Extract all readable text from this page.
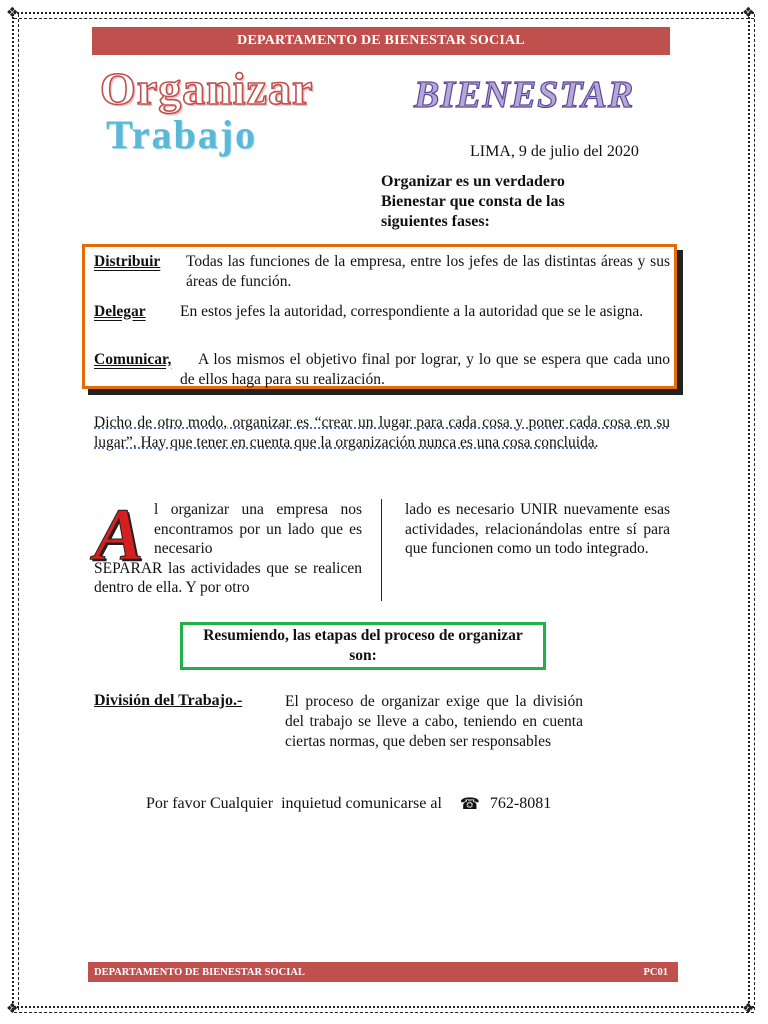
❖	❖
❖	❖
DEPARTAMENTO DE BIENESTAR SOCIAL
Organizar
Trabajo
BIENESTAR
LIMA, 9 de julio del 2020
Organizar es un verdadero Bienestar que consta de las siguientes fases:
Distribuir	Todas las funciones de la empresa, entre los jefes de las distintas áreas y sus áreas de función.
Delegar	En estos jefes la autoridad, correspondiente a la autoridad que se le asigna.
Comunicar,	A los mismos el objetivo final por lograr, y lo que se espera que cada uno de ellos haga para su realización.
Dicho de otro modo, organizar es “crear un lugar para cada cosa y poner cada cosa en su lugar”. Hay que tener en cuenta que la organización nunca es una cosa concluida.
A l organizar una empresa nos encontramos por un lado que es necesario
SEPARAR las actividades que se realicen dentro de ella. Y por otro
lado es necesario UNIR nuevamente esas actividades, relacionándolas entre sí para que funcionen como un todo integrado.
Resumiendo, las etapas del proceso de organizar son:
División del Trabajo.-	El proceso de organizar exige que la división del trabajo se lleve a cabo, teniendo en cuenta ciertas normas, que deben ser responsables
Por favor Cualquier  inquietud comunicarse al ☎ 762-8081
DEPARTAMENTO DE BIENESTAR SOCIAL	PC01
